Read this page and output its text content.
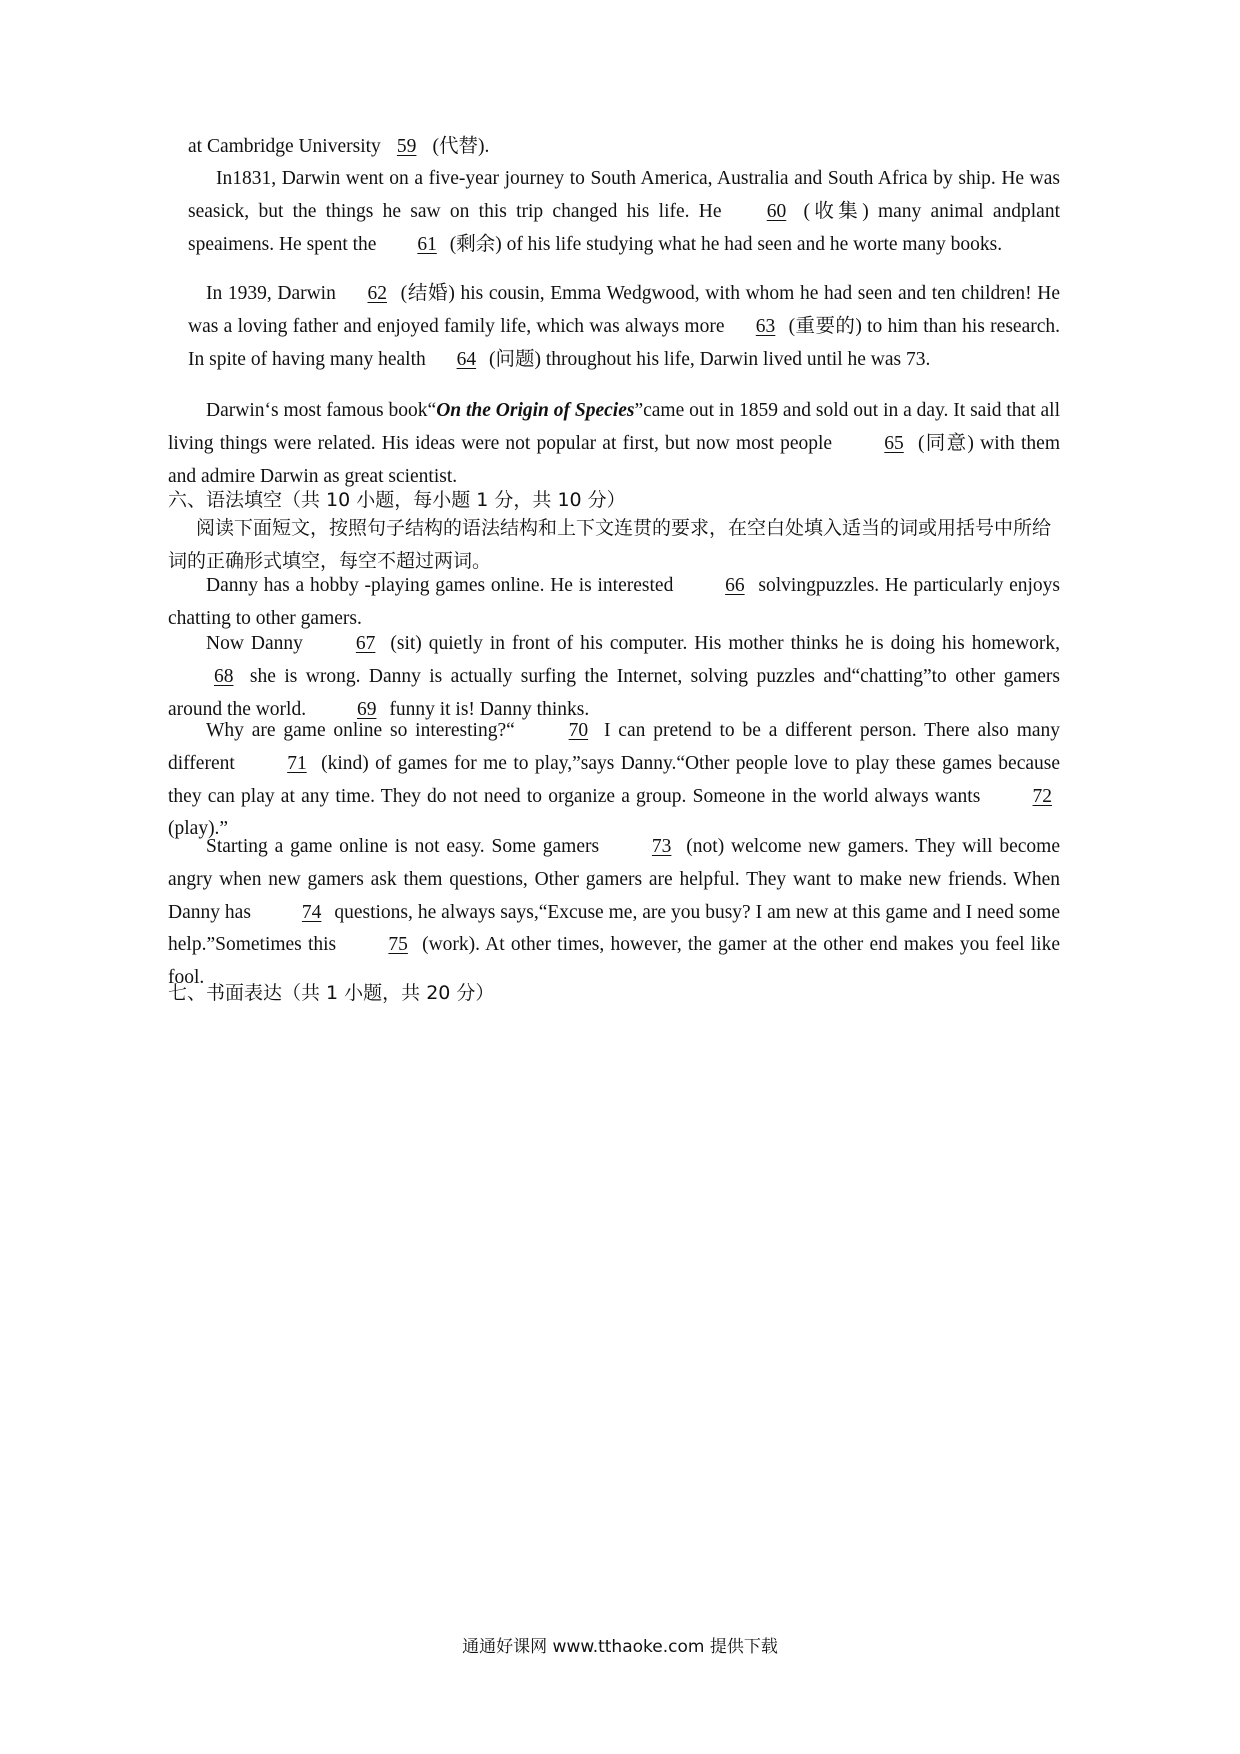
at Cambridge University 59 (代替).

In1831, Darwin went on a five-year journey to South America, Australia and South Africa by ship. He was seasick, but the things he saw on this trip changed his life. He 60 (收集) many animal andplant speaimens. He spent the 61 (剩余) of his life studying what he had seen and he worte many books.

In 1939, Darwin 62 (结婚) his cousin, Emma Wedgwood, with whom he had seen and ten children! He was a loving father and enjoyed family life, which was always more 63 (重要的) to him than his research. In spite of having many health 64 (问题) throughout his life, Darwin lived until he was 73.

Darwin‘s most famous book“On the Origin of Species”came out in 1859 and sold out in a day. It said that all living things were related. His ideas were not popular at first, but now most people	65 (同意) with them and admire Darwin as great scientist.

六、语法填空（共 10 小题，每小题 1 分，共 10 分）

阅读下面短文，按照句子结构的语法结构和上下文连贯的要求，在空白处填入适当的词或用括号中所给词的正确形式填空，每空不超过两词。

Danny has a hobby -playing games online. He is interested	66 solvingpuzzles. He particularly enjoys chatting to other gamers.

Now Danny	67 (sit) quietly in front of his computer. His mother thinks he is doing his homework, 68 she is wrong. Danny is actually surfing the Internet, solving puzzles and“chatting”to other gamers around the world.	69 funny it is! Danny thinks.

Why are game online so interesting?“	70 I can pretend to be a different person. There also many different	71 (kind) of games for me to play,”says Danny.“Other people love to play these games because they can play at any time. They do not need to organize a group. Someone in the world always wants	72 (play).”

Starting a game online is not easy. Some gamers	73 (not) welcome new gamers. They will become angry when new gamers ask them questions, Other gamers are helpful. They want to make new friends. When Danny has	74 questions, he always says,“Excuse me, are you busy? I am new at this game and I need some help.”Sometimes this	75 (work). At other times, however, the gamer at the other end makes you feel like fool.

七、书面表达（共 1 小题，共 20 分）

通通好课网 www.tthaoke.com 提供下载
